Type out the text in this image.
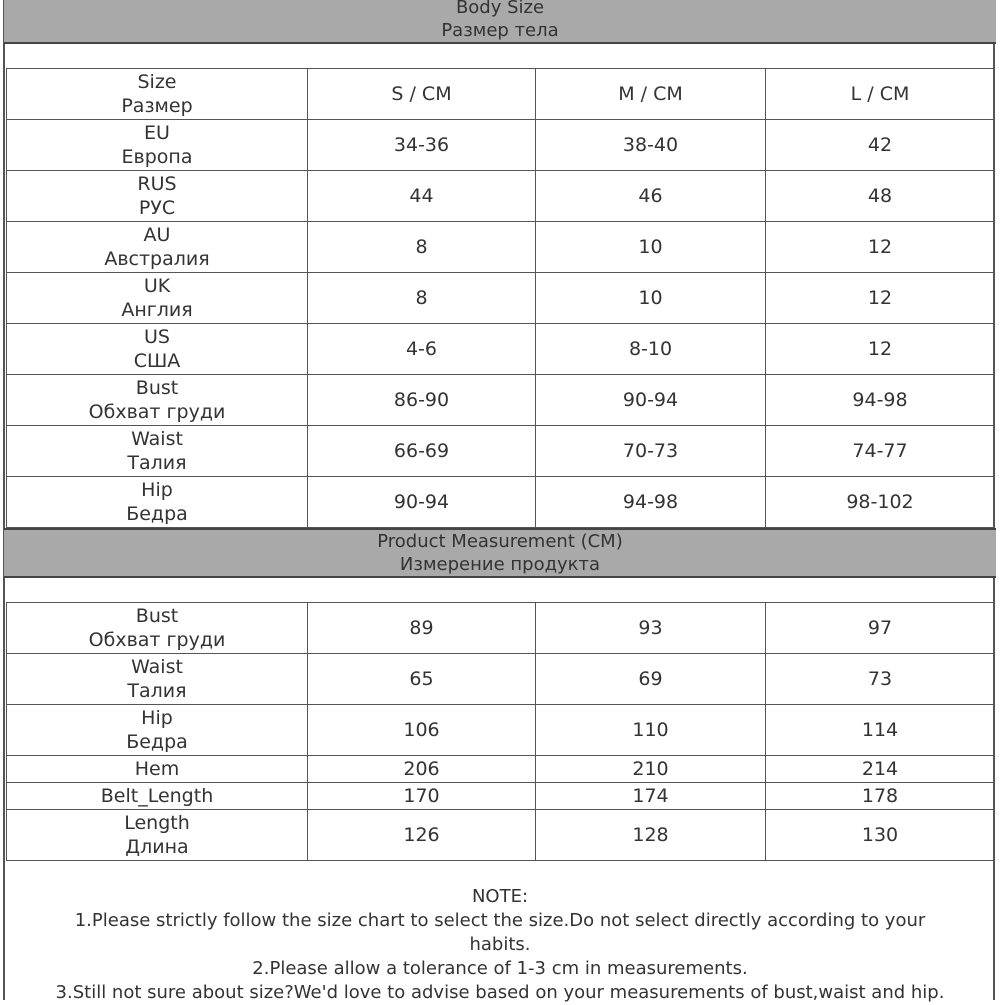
Body Size
Размер тела
Size
Размер	S / CM	M / CM	L / CM

EU
Европа	34-36	38-40	42

RUS
РУС	44	46	48

AU
Австралия	8	10	12

UK
Англия	8	10	12

US
США	4-6	8-10	12

Bust
Обхват груди	86-90	90-94	94-98

Waist
Талия	66-69	70-73	74-77

Hip
Бедра	90-94	94-98	98-102
Product Measurement (CM)
Измерение продукта
Bust
Обхват груди	89	93	97

Waist
Талия	65	69	73

Hip
Бедра	106	110	114

Hem	206	210	214

Belt_Length	170	174	178

Length
Длина	126	128	130
NOTE:
1.Please strictly follow the size chart to select the size.Do not select directly according to your
habits.
2.Please allow a tolerance of 1-3 cm in measurements.
3.Still not sure about size?We'd love to advise based on your measurements of bust,waist and hip.
